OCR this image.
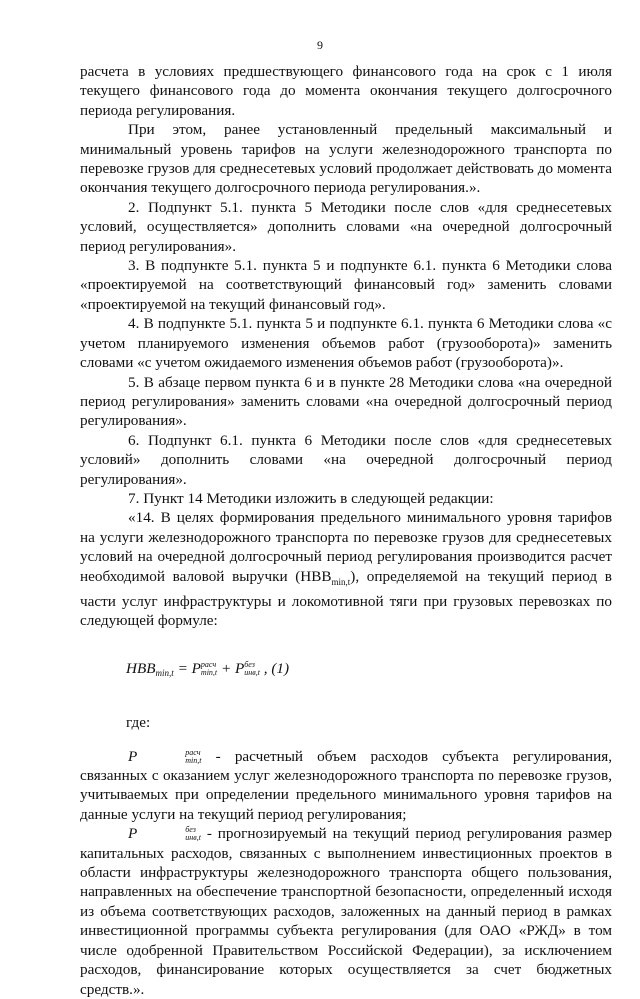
9

расчета в условиях предшествующего финансового года на срок с 1 июля текущего финансового года до момента окончания текущего долгосрочного периода регулирования.

При этом, ранее установленный предельный максимальный и минимальный уровень тарифов на услуги железнодорожного транспорта по перевозке грузов для среднесетевых условий продолжает действовать до момента окончания текущего долгосрочного периода регулирования.».

2. Подпункт 5.1. пункта 5 Методики после слов «для среднесетевых условий, осуществляется» дополнить словами «на очередной долгосрочный период регулирования».

3. В подпункте 5.1. пункта 5 и подпункте 6.1. пункта 6 Методики слова «проектируемой на соответствующий финансовый год» заменить словами «проектируемой на текущий финансовый год».

4. В подпункте 5.1. пункта 5 и подпункте 6.1. пункта 6 Методики слова «с учетом планируемого изменения объемов работ (грузооборота)» заменить словами «с учетом ожидаемого изменения объемов работ (грузооборота)».

5. В абзаце первом пункта 6 и в пункте 28 Методики слова «на очередной период регулирования» заменить словами «на очередной долгосрочный период регулирования».

6. Подпункт 6.1. пункта 6 Методики после слов «для среднесетевых условий» дополнить словами «на очередной долгосрочный период регулирования».

7. Пункт 14 Методики изложить в следующей редакции:

«14. В целях формирования предельного минимального уровня тарифов на услуги железнодорожного транспорта по перевозке грузов для среднесетевых условий на очередной долгосрочный период регулирования производится расчет необходимой валовой выручки $(НВВ_{min,t})$, определяемой на текущий период в части услуг инфраструктуры и локомотивной тяги при грузовых перевозках по следующей формуле:

$НВВ_{min,t} = P$ расч
min,t + P без
инв,t , (1)

где:

P	расч
min,t - расчетный объем расходов субъекта регулирования, связанных с оказанием услуг железнодорожного транспорта по перевозке грузов, учитываемых при определении предельного минимального уровня тарифов на данные услуги на текущий период регулирования;

P	без
инв,t - прогнозируемый на текущий период регулирования размер капитальных расходов, связанных с выполнением инвестиционных проектов в области инфраструктуры железнодорожного транспорта общего пользования, направленных на обеспечение транспортной безопасности, определенный исходя из объема соответствующих расходов, заложенных на данный период в рамках инвестиционной программы субъекта регулирования (для ОАО «РЖД» в том числе одобренной Правительством Российской Федерации), за исключением расходов, финансирование которых осуществляется за счет бюджетных средств.».
